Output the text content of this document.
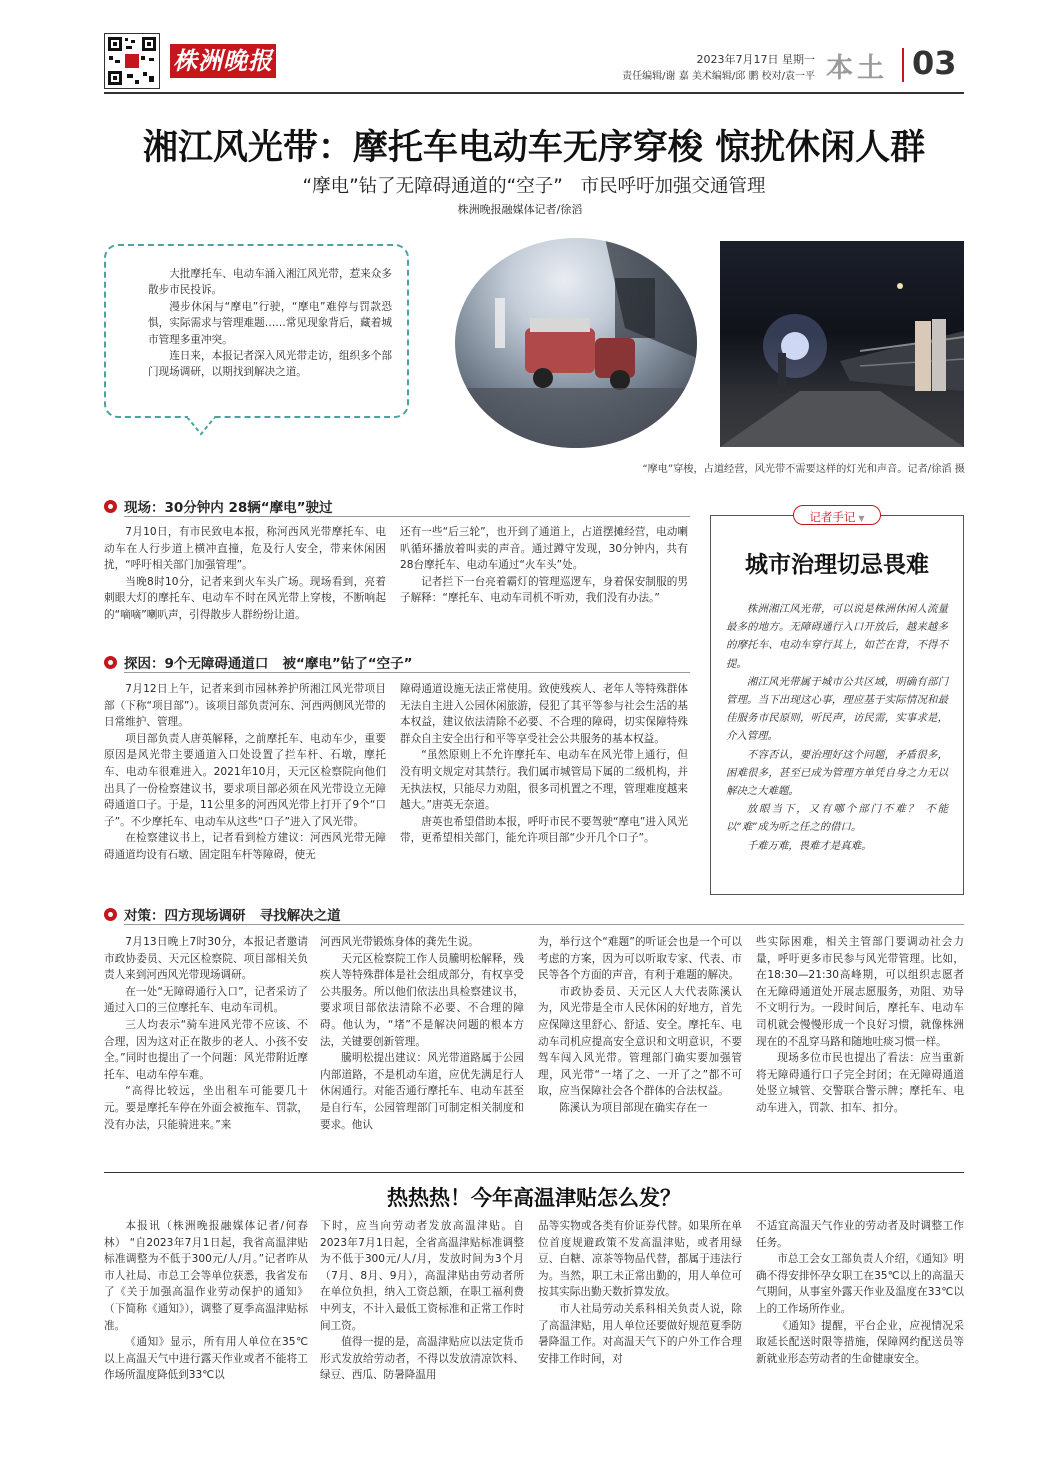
株洲晚报	2023年7月17日 星期一
责任编辑/谢 嘉 美术编辑/邱 鹏 校对/袁一平 本土 03
湘江风光带：摩托车电动车无序穿梭 惊扰休闲人群
“摩电”钻了无障碍通道的“空子”   市民呼吁加强交通管理
株洲晚报融媒体记者/徐滔

大批摩托车、电动车涌入湘江风光带，惹来众多散步市民投诉。

漫步休闲与“摩电”行驶，“摩电”难停与罚款恐惧，实际需求与管理难题……常见现象背后，藏着城市管理多重冲突。

连日来，本报记者深入风光带走访，组织多个部门现场调研，以期找到解决之道。

“摩电”穿梭，占道经营，风光带不需要这样的灯光和声音。记者/徐滔 摄
现场：30分钟内 28辆“摩电”驶过

7月10日，有市民致电本报，称河西风光带摩托车、电动车在人行步道上横冲直撞，危及行人安全，带来休闲困扰，“呼吁相关部门加强管理”。

当晚8时10分，记者来到火车头广场。现场看到，亮着刺眼大灯的摩托车、电动车不时在风光带上穿梭，不断响起的“嘀嘀”喇叭声，引得散步人群纷纷让道。

还有一些“后三轮”，也开到了通道上，占道摆摊经营，电动喇叭循环播放着叫卖的声音。通过蹲守发现，30分钟内，共有28台摩托车、电动车通过“火车头”处。

记者拦下一台亮着霸灯的管理巡逻车，身着保安制服的男子解释：“摩托车、电动车司机不听劝，我们没有办法。”

探因：9个无障碍通道口   被“摩电”钻了“空子”

7月12日上午，记者来到市园林养护所湘江风光带项目部（下称“项目部”）。该项目部负责河东、河西两侧风光带的日常维护、管理。

项目部负责人唐英解释，之前摩托车、电动车少，重要原因是风光带主要通道入口处设置了拦车杆、石墩，摩托车、电动车很难进入。2021年10月，天元区检察院向他们出具了一份检察建议书，要求项目部必须在风光带设立无障碍通道口子。于是，11公里多的河西风光带上打开了9个“口子”。不少摩托车、电动车从这些“口子”进入了风光带。

在检察建议书上，记者看到检方建议：河西风光带无障碍通道均设有石墩、固定阻车杆等障碍，使无

障碍通道设施无法正常使用。致使残疾人、老年人等特殊群体无法自主进入公园休闲旅游，侵犯了其平等参与社会生活的基本权益，建议依法清除不必要、不合理的障碍，切实保障特殊群众自主安全出行和平等享受社会公共服务的基本权益。

“虽然原则上不允许摩托车、电动车在风光带上通行，但没有明文规定对其禁行。我们属市城管局下属的二级机构，并无执法权，只能尽力劝阻，很多司机置之不理，管理难度越来越大。”唐英无奈道。

唐英也希望借助本报，呼吁市民不要驾驶“摩电”进入风光带，更希望相关部门，能允许项目部“少开几个口子”。

记者手记 ▼
城市治理切忌畏难

株洲湘江风光带，可以说是株洲休闲人流量最多的地方。无障碍通行入口开放后，越来越多的摩托车、电动车穿行其上，如芒在背，不得不提。

湘江风光带属于城市公共区域，明确有部门管理。当下出现这心事，理应基于实际情况和最佳服务市民原则，听民声，访民需，实事求是，介入管理。

不容否认，要治理好这个问题，矛盾很多，困难很多，甚至已成为管理方单凭自身之力无以解决之大难题。

放眼当下，又有哪个部门不难？ 不能以“难”成为听之任之的借口。

千难万难，畏难才是真难。

对策：四方现场调研   寻找解决之道

7月13日晚上7时30分，本报记者邀请市政协委员、天元区检察院、项目部相关负责人来到河西风光带现场调研。

在一处“无障碍通行入口”，记者采访了通过入口的三位摩托车、电动车司机。

三人均表示“骑车进风光带不应该、不合理，因为这对正在散步的老人、小孩不安全。”同时也提出了一个问题：风光带附近摩托车、电动车停车难。

“高得比较远，坐出租车可能要几十元。要是摩托车停在外面会被拖车、罚款，没有办法，只能骑进来。”来

河西风光带锻炼身体的龚先生说。

天元区检察院工作人员騰明松解释，残疾人等特殊群体是社会组成部分，有权享受公共服务。所以他们依法出具检察建议书，要求项目部依法清除不必要、不合理的障碍。他认为，“堵”不是解决问题的根本方法，关键要创新管理。

騰明松提出建议：风光带道路属于公园内部道路，不是机动车道，应优先满足行人休闲通行。对能否通行摩托车、电动车甚至是自行车，公园管理部门可制定相关制度和要求。他认

为，举行这个“难题”的听证会也是一个可以考虑的方案，因为可以听取专家、代表、市民等各个方面的声音，有利于难题的解决。

市政协委员、天元区人大代表陈溪认为，风光带是全市人民休闲的好地方，首先应保障这里舒心、舒适、安全。摩托车、电动车司机应提高安全意识和文明意识，不要驾车闯入风光带。管理部门确实要加强管理，风光带“一堵了之、一开了之”都不可取，应当保障社会各个群体的合法权益。

陈溪认为项目部现在确实存在一

些实际困难，相关主管部门要调动社会力量，呼吁更多市民参与风光带管理。比如，在18:30—21:30高峰期，可以组织志愿者在无障碍通道处开展志愿服务，劝阻、劝导不文明行为。一段时间后，摩托车、电动车司机就会慢慢形成一个良好习惯，就像株洲现在的不乱穿马路和随地吐痰习惯一样。

现场多位市民也提出了看法：应当重新将无障碍通行口子完全封闭；在无障碍通道处竖立城管、交警联合警示牌；摩托车、电动车进入，罚款、扣车、扣分。

热热热！今年高温津贴怎么发？

本报讯（株洲晚报融媒体记者/何春林） “自2023年7月1日起，我省高温津贴标准调整为不低于300元/人/月。”记者昨从市人社局、市总工会等单位获悉，我省发布了《关于加强高温作业劳动保护的通知》（下简称《通知》），调整了夏季高温津贴标准。

《通知》显示，所有用人单位在35℃以上高温天气中进行露天作业或者不能将工作场所温度降低到33℃以

下时，应当向劳动者发放高温津贴。自2023年7月1日起，全省高温津贴标准调整为不低于300元/人/月，发放时间为3个月（7月、8月、9月），高温津贴由劳动者所在单位负担，纳入工资总额，在职工福利费中列支，不计入最低工资标准和正常工作时间工资。

值得一提的是，高温津贴应以法定货币形式发放给劳动者，不得以发放清凉饮料、绿豆、西瓜、防暑降温用

品等实物或各类有价证券代替。如果所在单位首度规避政策不发高温津贴，或者用绿豆、白糖、凉茶等物品代替，都属于违法行为。当然，职工未正常出勤的，用人单位可按其实际出勤天数折算发放。

市人社局劳动关系科相关负责人说，除了高温津贴，用人单位还要做好规范夏季防暑降温工作。对高温天气下的户外工作合理安排工作时间，对

不适宜高温天气作业的劳动者及时调整工作任务。

市总工会女工部负责人介绍，《通知》明确不得安排怀孕女职工在35℃以上的高温天气期间，从事室外露天作业及温度在33℃以上的工作场所作业。

《通知》提醒，平台企业，应视情况采取延长配送时限等措施，保障网约配送员等新就业形态劳动者的生命健康安全。
